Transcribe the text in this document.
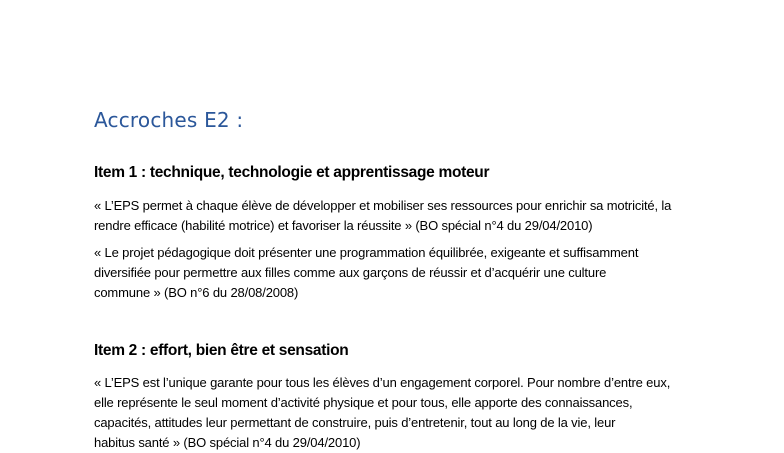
Accroches E2 :
Item 1 : technique, technologie et apprentissage moteur

« L’EPS permet à chaque élève de développer et mobiliser ses ressources pour enrichir sa motricité, la
rendre efficace (habilité motrice) et favoriser la réussite » (BO spécial n°4 du 29/04/2010)

« Le projet pédagogique doit présenter une programmation équilibrée, exigeante et suffisamment
diversifiée pour permettre aux filles comme aux garçons de réussir et d’acquérir une culture
commune » (BO n°6 du 28/08/2008)

Item 2 : effort, bien être et sensation

« L’EPS est l’unique garante pour tous les élèves d’un engagement corporel. Pour nombre d’entre eux,
elle représente le seul moment d’activité physique et pour tous, elle apporte des connaissances,
capacités, attitudes leur permettant de construire, puis d’entretenir, tout au long de la vie, leur
habitus santé » (BO spécial n°4 du 29/04/2010)
